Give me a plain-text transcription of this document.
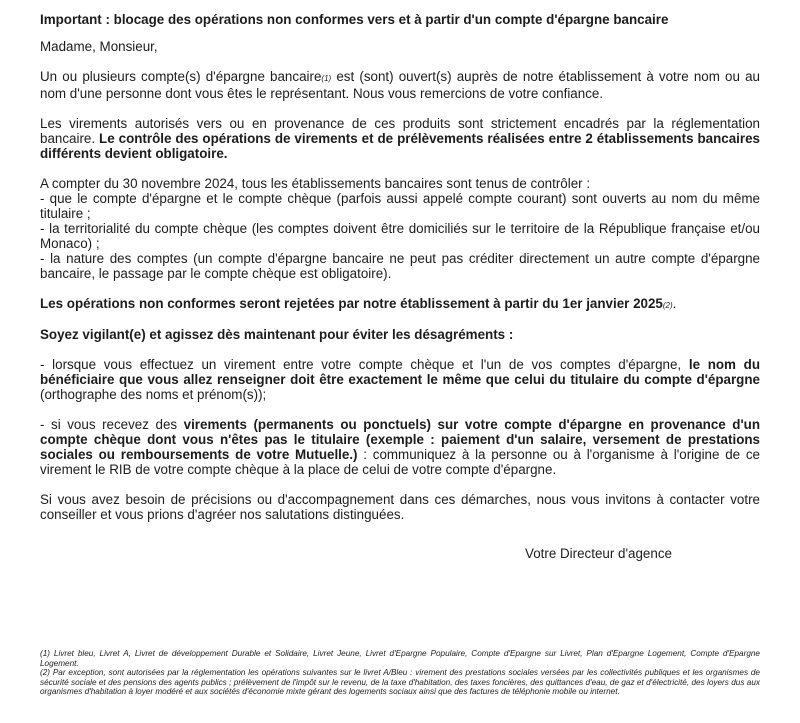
Important : blocage des opérations non conformes vers et à partir d'un compte d'épargne bancaire

Madame, Monsieur,

Un ou plusieurs compte(s) d'épargne bancaire(1) est (sont) ouvert(s) auprès de notre établissement à votre nom ou au nom d'une personne dont vous êtes le représentant. Nous vous remercions de votre confiance.

Les virements autorisés vers ou en provenance de ces produits sont strictement encadrés par la réglementation bancaire. Le contrôle des opérations de virements et de prélèvements réalisées entre 2 établissements bancaires différents devient obligatoire.

A compter du 30 novembre 2024, tous les établissements bancaires sont tenus de contrôler :

- que le compte d'épargne et le compte chèque (parfois aussi appelé compte courant) sont ouverts au nom du même titulaire ;

- la territorialité du compte chèque (les comptes doivent être domiciliés sur le territoire de la République française et/ou Monaco) ;

- la nature des comptes (un compte d'épargne bancaire ne peut pas créditer directement un autre compte d'épargne bancaire, le passage par le compte chèque est obligatoire).

Les opérations non conformes seront rejetées par notre établissement à partir du 1er janvier 2025(2).

Soyez vigilant(e) et agissez dès maintenant pour éviter les désagréments :

- lorsque vous effectuez un virement entre votre compte chèque et l'un de vos comptes d'épargne, le nom du bénéficiaire que vous allez renseigner doit être exactement le même que celui du titulaire du compte d'épargne (orthographe des noms et prénom(s));

- si vous recevez des virements (permanents ou ponctuels) sur votre compte d'épargne en provenance d'un compte chèque dont vous n'êtes pas le titulaire (exemple : paiement d'un salaire, versement de prestations sociales ou remboursements de votre Mutuelle.) : communiquez à la personne ou à l'organisme à l'origine de ce virement le RIB de votre compte chèque à la place de celui de votre compte d'épargne.

Si vous avez besoin de précisions ou d'accompagnement dans ces démarches, nous vous invitons à contacter votre conseiller et vous prions d'agréer nos salutations distinguées.

Votre Directeur d'agence

(1) Livret bleu, Livret A, Livret de développement Durable et Solidaire, Livret Jeune, Livret d'Epargne Populaire, Compte d'Epargne sur Livret, Plan d'Epargne Logement, Compte d'Epargne Logement.

(2) Par exception, sont autorisées par la réglementation les opérations suivantes sur le livret A/Bleu : virement des prestations sociales versées par les collectivités publiques et les organismes de sécurité sociale et des pensions des agents publics ; prélèvement de l'impôt sur le revenu, de la taxe d'habitation, des taxes foncières, des quittances d'eau, de gaz et d'électricité, des loyers dus aux organismes d'habitation à loyer modéré et aux sociétés d'économie mixte gérant des logements sociaux ainsi que des factures de téléphonie mobile ou internet.
